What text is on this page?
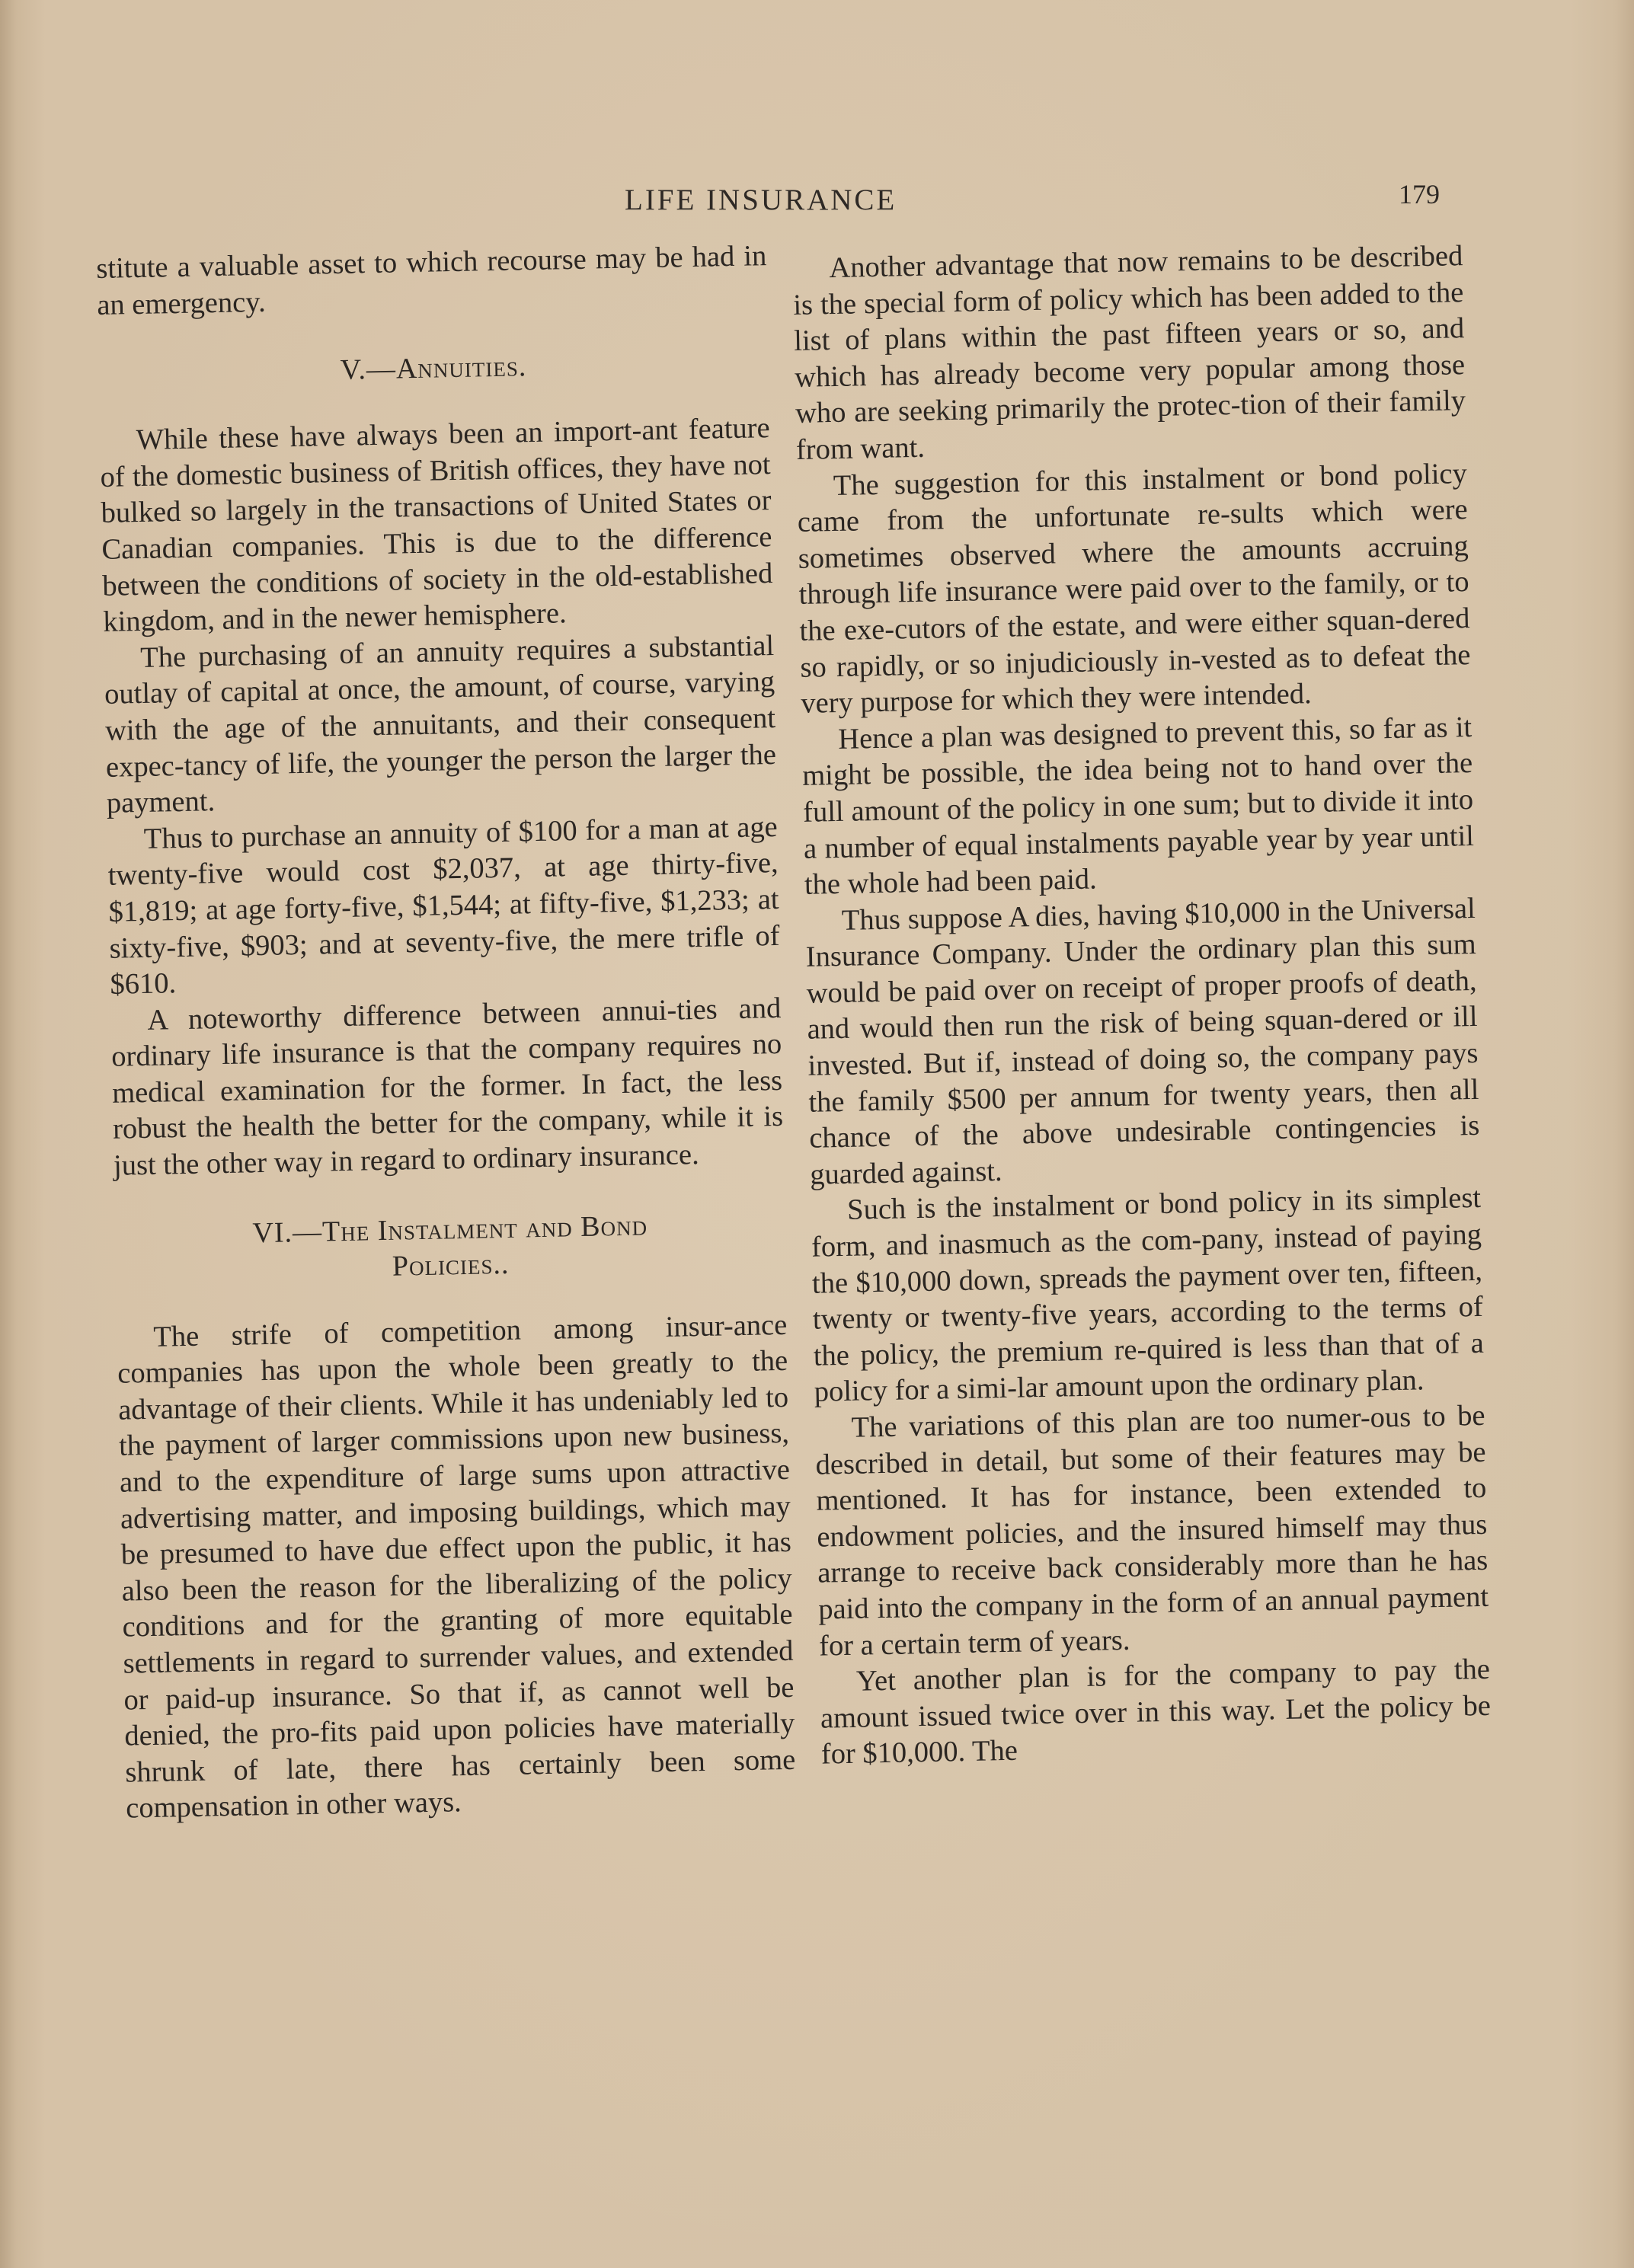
LIFE INSURANCE	179

stitute a valuable asset to which recourse may be had in an emergency.

V.—Annuities.

While these have always been an import-ant feature of the domestic business of British offices, they have not bulked so largely in the transactions of United States or Canadian companies. This is due to the difference between the conditions of society in the old-established kingdom, and in the newer hemisphere.

The purchasing of an annuity requires a substantial outlay of capital at once, the amount, of course, varying with the age of the annuitants, and their consequent expec-tancy of life, the younger the person the larger the payment.

Thus to purchase an annuity of $100 for a man at age twenty-five would cost $2,037, at age thirty-five, $1,819; at age forty-five, $1,544; at fifty-five, $1,233; at sixty-five, $903; and at seventy-five, the mere trifle of $610.

A noteworthy difference between annui-ties and ordinary life insurance is that the company requires no medical examination for the former. In fact, the less robust the health the better for the company, while it is just the other way in regard to ordinary insurance.

VI.—The Instalment and Bond
Policies..

The strife of competition among insur-ance companies has upon the whole been greatly to the advantage of their clients. While it has undeniably led to the payment of larger commissions upon new business, and to the expenditure of large sums upon attractive advertising matter, and imposing buildings, which may be presumed to have due effect upon the public, it has also been the reason for the liberalizing of the policy conditions and for the granting of more equitable settlements in regard to surrender values, and extended or paid-up insurance. So that if, as cannot well be denied, the pro-fits paid upon policies have materially shrunk of late, there has certainly been some compensation in other ways.

Another advantage that now remains to be described is the special form of policy which has been added to the list of plans within the past fifteen years or so, and which has already become very popular among those who are seeking primarily the protec-tion of their family from want.

The suggestion for this instalment or bond policy came from the unfortunate re-sults which were sometimes observed where the amounts accruing through life insurance were paid over to the family, or to the exe-cutors of the estate, and were either squan-dered so rapidly, or so injudiciously in-vested as to defeat the very purpose for which they were intended.

Hence a plan was designed to prevent this, so far as it might be possible, the idea being not to hand over the full amount of the policy in one sum; but to divide it into a number of equal instalments payable year by year until the whole had been paid.

Thus suppose A dies, having $10,000 in the Universal Insurance Company. Under the ordinary plan this sum would be paid over on receipt of proper proofs of death, and would then run the risk of being squan-dered or ill invested. But if, instead of doing so, the company pays the family $500 per annum for twenty years, then all chance of the above undesirable contingencies is guarded against.

Such is the instalment or bond policy in its simplest form, and inasmuch as the com-pany, instead of paying the $10,000 down, spreads the payment over ten, fifteen, twenty or twenty-five years, according to the terms of the policy, the premium re-quired is less than that of a policy for a simi-lar amount upon the ordinary plan.

The variations of this plan are too numer-ous to be described in detail, but some of their features may be mentioned. It has for instance, been extended to endowment policies, and the insured himself may thus arrange to receive back considerably more than he has paid into the company in the form of an annual payment for a certain term of years.

Yet another plan is for the company to pay the amount issued twice over in this way. Let the policy be for $10,000. The
